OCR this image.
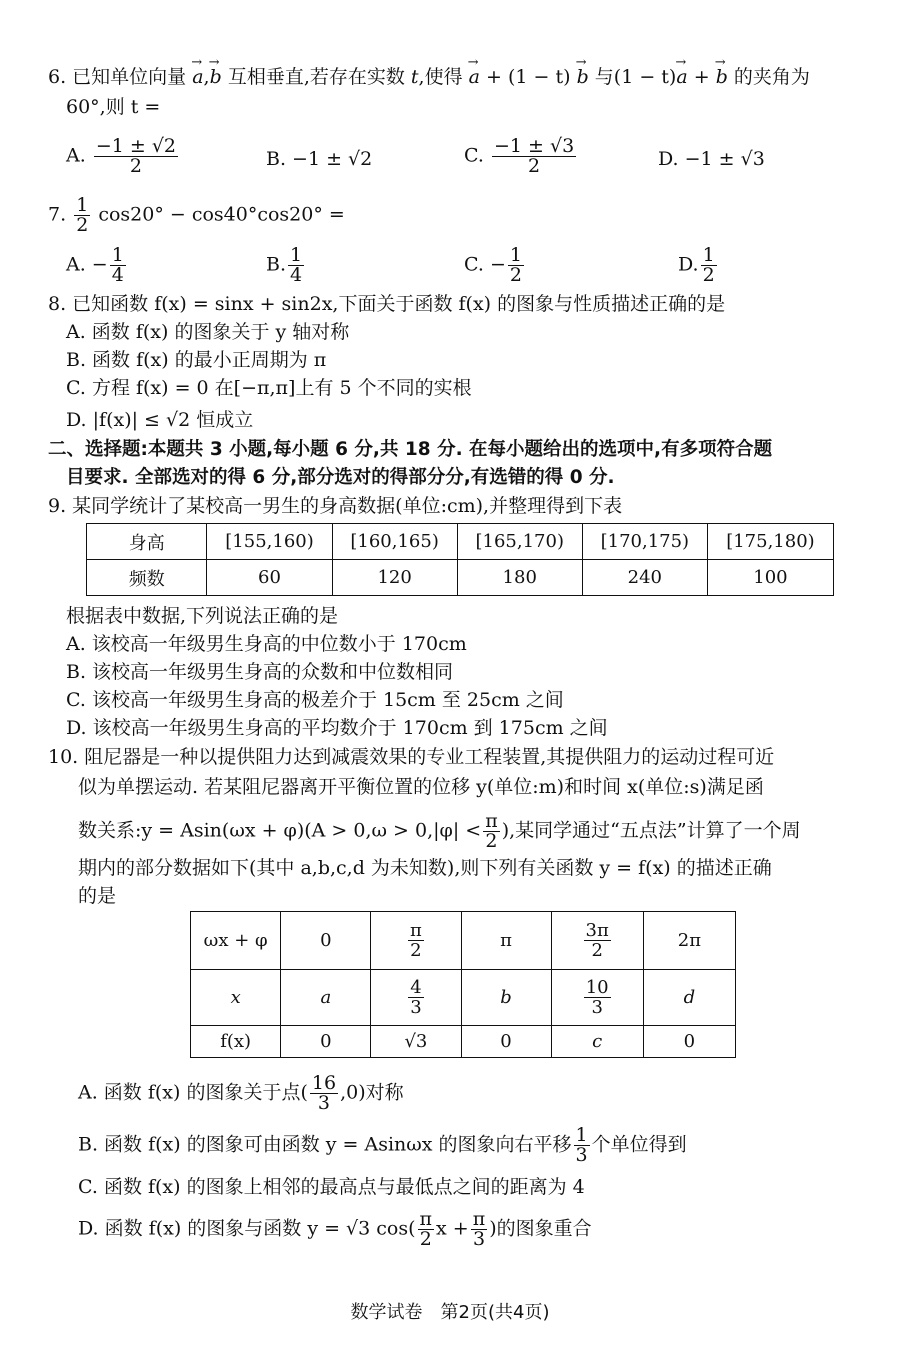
6. 已知单位向量 a →,b → 互相垂直,若存在实数 t,使得 a → + (1 − t) b → 与(1 − t)a → + b → 的夹角为
60°,则 t =
A. $\frac{-1 \pm √2}{2}$	B. −1 ± √2	C. $\frac{-1 \pm √3}{2}$	D. −1 ± √3
7. $\frac{1}{2} \cos 20^\circ - \cos 40^\circ\cos 20^\circ$ =
A. − $\frac{1}{4}$	B. $\frac{1}{4}$	C. − $\frac{1}{2}$	D. $\frac{1}{2}$
8. 已知函数 f(x) = sinx + sin2x,下面关于函数 f(x) 的图象与性质描述正确的是
A. 函数 f(x) 的图象关于 y 轴对称
B. 函数 f(x) 的最小正周期为 π
C. 方程 f(x) = 0 在[−π,π]上有 5 个不同的实根
D. |f(x)| ≤ √2 恒成立
二、选择题:本题共 3 小题,每小题 6 分,共 18 分. 在每小题给出的选项中,有多项符合题
目要求. 全部选对的得 6 分,部分选对的得部分分,有选错的得 0 分.
9. 某同学统计了某校高一男生的身高数据(单位:cm),并整理得到下表
身高	[155,160)	[160,165)	[165,170)	[170,175)	[175,180)
频数	60	120	180	240	100
根据表中数据,下列说法正确的是
A. 该校高一年级男生身高的中位数小于 170cm
B. 该校高一年级男生身高的众数和中位数相同
C. 该校高一年级男生身高的极差介于 15cm 至 25cm 之间
D. 该校高一年级男生身高的平均数介于 170cm 到 175cm 之间
10. 阻尼器是一种以提供阻力达到减震效果的专业工程装置,其提供阻力的运动过程可近
似为单摆运动. 若某阻尼器离开平衡位置的位移 y(单位:m)和时间 x(单位:s)满足函
数关系:y = $Asin(\omega x + \varphi)(A > 0,\omega > 0,|\varphi| < \frac{\pi}{2}$ ),某同学通过“五点法”计算了一个周
期内的部分数据如下(其中 a,b,c,d 为未知数),则下列有关函数 y = f(x) 的描述正确
的是
ωx + φ	0	$\frac{\pi}{2}$	π	$\frac{3\pi}{2}$	2π
x	a	$\frac{4}{3}$	b	$\frac{10}{3}$	d
f(x)	0	√3	0	c	0
A. 函数 f(x) 的图象关于点( $\frac{16}{3} ,0$)对称
B. 函数 f(x) 的图象可由函数 y = Asinωx 的图象向右平移 $\frac{1}{3}$ 个单位得到
C. 函数 f(x) 的图象上相邻的最高点与最低点之间的距离为 4
D. 函数 f(x) 的图象与函数 y = √3 $\cos( \frac{\pi}{2}$ $x + \frac{\pi}{3}$ )的图象重合
数学试卷　第2页(共4页)
